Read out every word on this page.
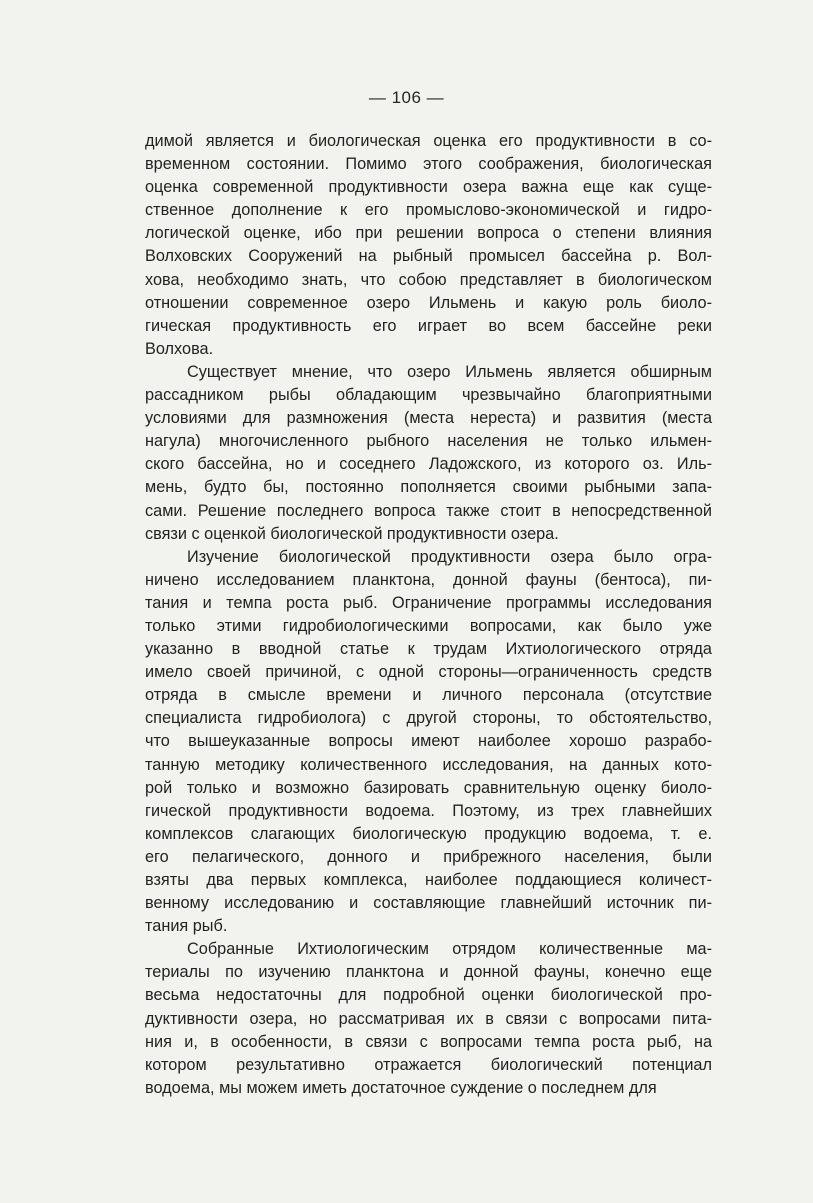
— 106 —
димой является и биологическая оценка его продуктивности в со-
временном состоянии. Помимо этого соображения, биологическая
оценка современной продуктивности озера важна еще как суще-
ственное дополнение к его промыслово-экономической и гидро-
логической оценке, ибо при решении вопроса о степени влияния
Волховских Сооружений на рыбный промысел бассейна р. Вол-
хова, необходимо знать, что собою представляет в биологическом
отношении современное озеро Ильмень и какую роль биоло-
гическая продуктивность его играет во всем бассейне реки
Волхова.
Существует мнение, что озеро Ильмень является обширным
рассадником рыбы обладающим чрезвычайно благоприятными
условиями для размножения (места нереста) и развития (места
нагула) многочисленного рыбного населения не только ильмен-
ского бассейна, но и соседнего Ладожского, из которого оз. Иль-
мень, будто бы, постоянно пополняется своими рыбными запа-
сами. Решение последнего вопроса также стоит в непосредственной
связи с оценкой биологической продуктивности озера.
Изучение биологической продуктивности озера было огра-
ничено исследованием планктона, донной фауны (бентоса), пи-
тания и темпа роста рыб. Ограничение программы исследования
только этими гидробиологическими вопросами, как было уже
указанно в вводной статье к трудам Ихтиологического отряда
имело своей причиной, с одной стороны—ограниченность средств
отряда в смысле времени и личного персонала (отсутствие
специалиста гидробиолога) с другой стороны, то обстоятельство,
что вышеуказанные вопросы имеют наиболее хорошо разрабо-
танную методику количественного исследования, на данных кото-
рой только и возможно базировать сравнительную оценку биоло-
гической продуктивности водоема. Поэтому, из трех главнейших
комплексов слагающих биологическую продукцию водоема, т. е.
его пелагического, донного и прибрежного населения, были
взяты два первых комплекса, наиболее поддающиеся количест-
венному исследованию и составляющие главнейший источник пи-
тания рыб.
Собранные Ихтиологическим отрядом количественные ма-
териалы по изучению планктона и донной фауны, конечно еще
весьма недостаточны для подробной оценки биологической про-
дуктивности озера, но рассматривая их в связи с вопросами пита-
ния и, в особенности, в связи с вопросами темпа роста рыб, на
котором результативно отражается биологический потенциал
водоема, мы можем иметь достаточное суждение о последнем для
